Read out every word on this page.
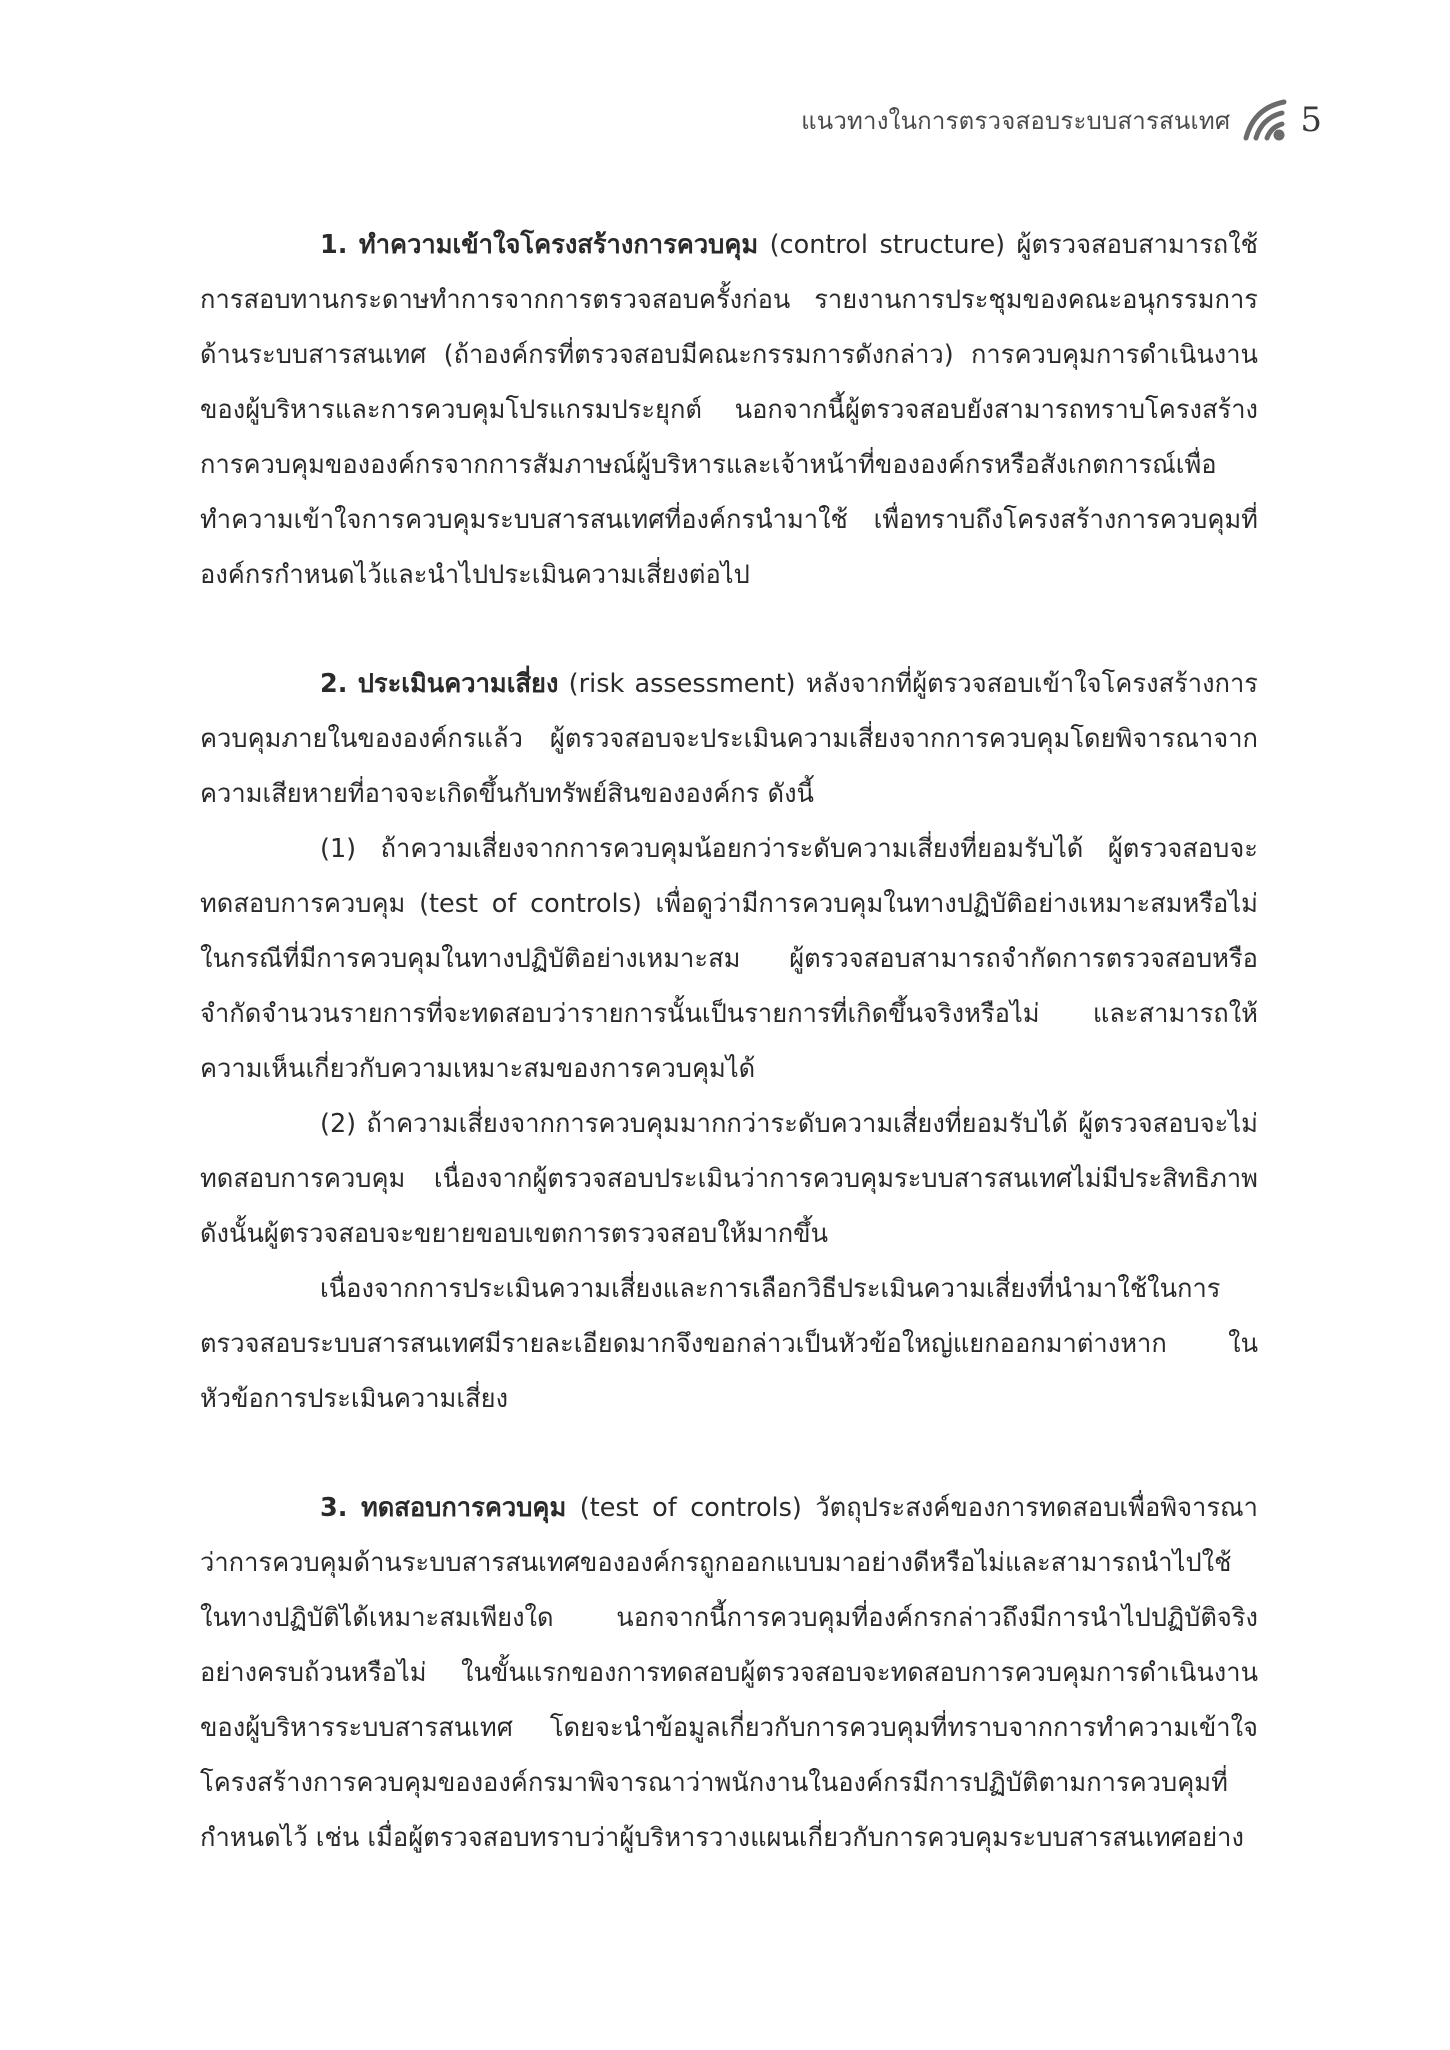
แนวทางในการตรวจสอบระบบสารสนเทศ 5

1. ทำความเข้าใจโครงสร้างการควบคุม (control structure) ผู้ตรวจสอบสามารถใช้การสอบทานกระดาษทำการจากการตรวจสอบครั้งก่อน รายงานการประชุมของคณะอนุกรรมการด้านระบบสารสนเทศ (ถ้าองค์กรที่ตรวจสอบมีคณะกรรมการดังกล่าว) การควบคุมการดำเนินงานของผู้บริหารและการควบคุมโปรแกรมประยุกต์ นอกจากนี้ผู้ตรวจสอบยังสามารถทราบโครงสร้างการควบคุมขององค์กรจากการสัมภาษณ์ผู้บริหารและเจ้าหน้าที่ขององค์กรหรือสังเกตการณ์เพื่อทำความเข้าใจการควบคุมระบบสารสนเทศที่องค์กรนำมาใช้ เพื่อทราบถึงโครงสร้างการควบคุมที่องค์กรกำหนดไว้และนำไปประเมินความเสี่ยงต่อไป

2. ประเมินความเสี่ยง (risk assessment) หลังจากที่ผู้ตรวจสอบเข้าใจโครงสร้างการควบคุมภายในขององค์กรแล้ว ผู้ตรวจสอบจะประเมินความเสี่ยงจากการควบคุมโดยพิจารณาจากความเสียหายที่อาจจะเกิดขึ้นกับทรัพย์สินขององค์กร ดังนี้

(1) ถ้าความเสี่ยงจากการควบคุมน้อยกว่าระดับความเสี่ยงที่ยอมรับได้ ผู้ตรวจสอบจะทดสอบการควบคุม (test of controls) เพื่อดูว่ามีการควบคุมในทางปฏิบัติอย่างเหมาะสมหรือไม่ ในกรณีที่มีการควบคุมในทางปฏิบัติอย่างเหมาะสม ผู้ตรวจสอบสามารถจำกัดการตรวจสอบหรือจำกัดจำนวนรายการที่จะทดสอบว่ารายการนั้นเป็นรายการที่เกิดขึ้นจริงหรือไม่ และสามารถให้ความเห็นเกี่ยวกับความเหมาะสมของการควบคุมได้

(2) ถ้าความเสี่ยงจากการควบคุมมากกว่าระดับความเสี่ยงที่ยอมรับได้ ผู้ตรวจสอบจะไม่ทดสอบการควบคุม เนื่องจากผู้ตรวจสอบประเมินว่าการควบคุมระบบสารสนเทศไม่มีประสิทธิภาพ ดังนั้นผู้ตรวจสอบจะขยายขอบเขตการตรวจสอบให้มากขึ้น

เนื่องจากการประเมินความเสี่ยงและการเลือกวิธีประเมินความเสี่ยงที่นำมาใช้ในการตรวจสอบระบบสารสนเทศมีรายละเอียดมากจึงขอกล่าวเป็นหัวข้อใหญ่แยกออกมาต่างหาก ในหัวข้อการประเมินความเสี่ยง

3. ทดสอบการควบคุม (test of controls) วัตถุประสงค์ของการทดสอบเพื่อพิจารณาว่าการควบคุมด้านระบบสารสนเทศขององค์กรถูกออกแบบมาอย่างดีหรือไม่และสามารถนำไปใช้ในทางปฏิบัติได้เหมาะสมเพียงใด นอกจากนี้การควบคุมที่องค์กรกล่าวถึงมีการนำไปปฏิบัติจริงอย่างครบถ้วนหรือไม่ ในขั้นแรกของการทดสอบผู้ตรวจสอบจะทดสอบการควบคุมการดำเนินงานของผู้บริหารระบบสารสนเทศ โดยจะนำข้อมูลเกี่ยวกับการควบคุมที่ทราบจากการทำความเข้าใจโครงสร้างการควบคุมขององค์กรมาพิจารณาว่าพนักงานในองค์กรมีการปฏิบัติตามการควบคุมที่กำหนดไว้ เช่น เมื่อผู้ตรวจสอบทราบว่าผู้บริหารวางแผนเกี่ยวกับการควบคุมระบบสารสนเทศอย่าง
